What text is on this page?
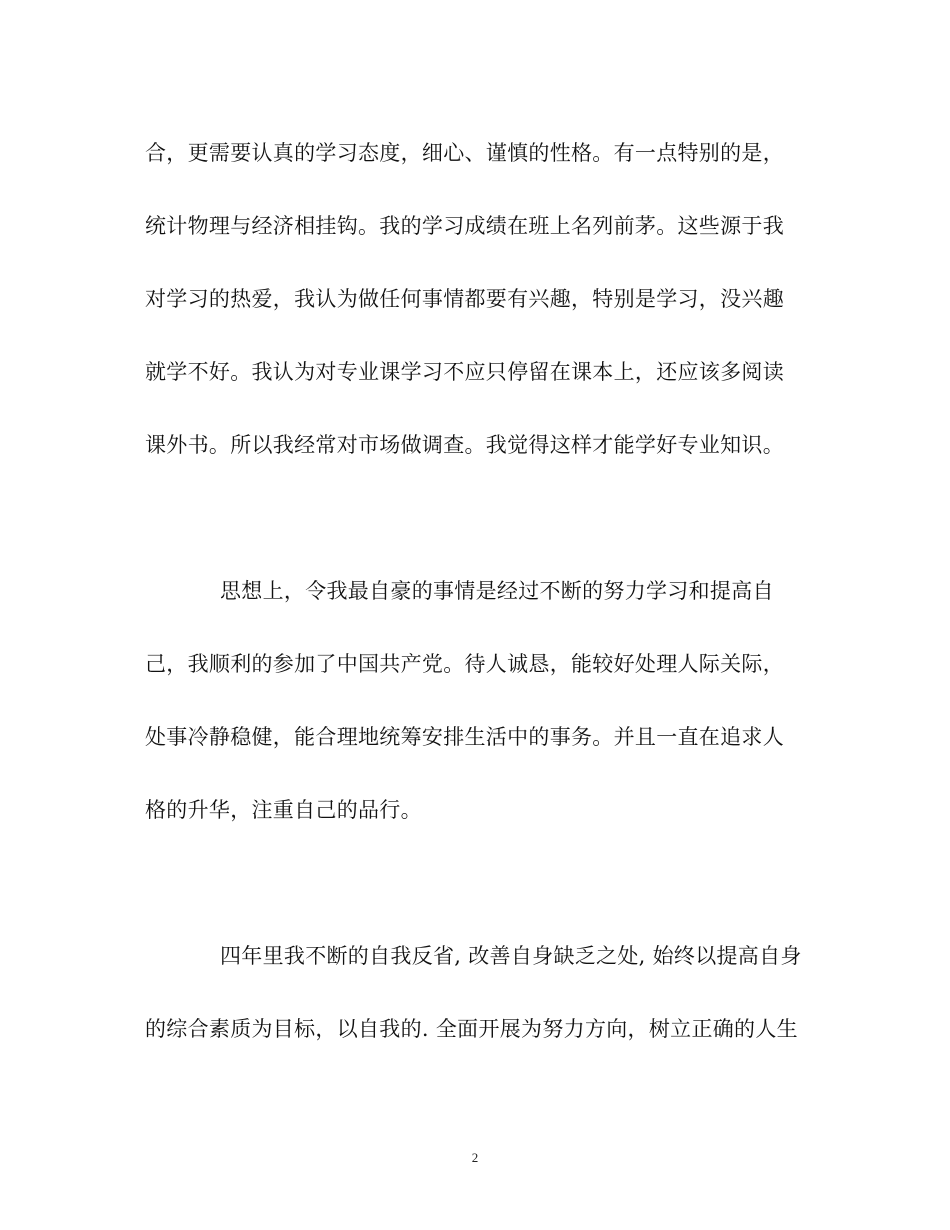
合，更需要认真的学习态度，细心、谨慎的性格。有一点特别的是，
统计物理与经济相挂钩。我的学习成绩在班上名列前茅。这些源于我
对学习的热爱，我认为做任何事情都要有兴趣，特别是学习，没兴趣
就学不好。我认为对专业课学习不应只停留在课本上，还应该多阅读
课外书。所以我经常对市场做调查。我觉得这样才能学好专业知识。
思想上，令我最自豪的事情是经过不断的努力学习和提高自
己，我顺利的参加了中国共产党。待人诚恳，能较好处理人际关际，
处事冷静稳健，能合理地统筹安排生活中的事务。并且一直在追求人
格的升华，注重自己的品行。
四年里我不断的自我反省, 改善自身缺乏之处, 始终以提高自身
的综合素质为目标，以自我的. 全面开展为努力方向，树立正确的人生
2
